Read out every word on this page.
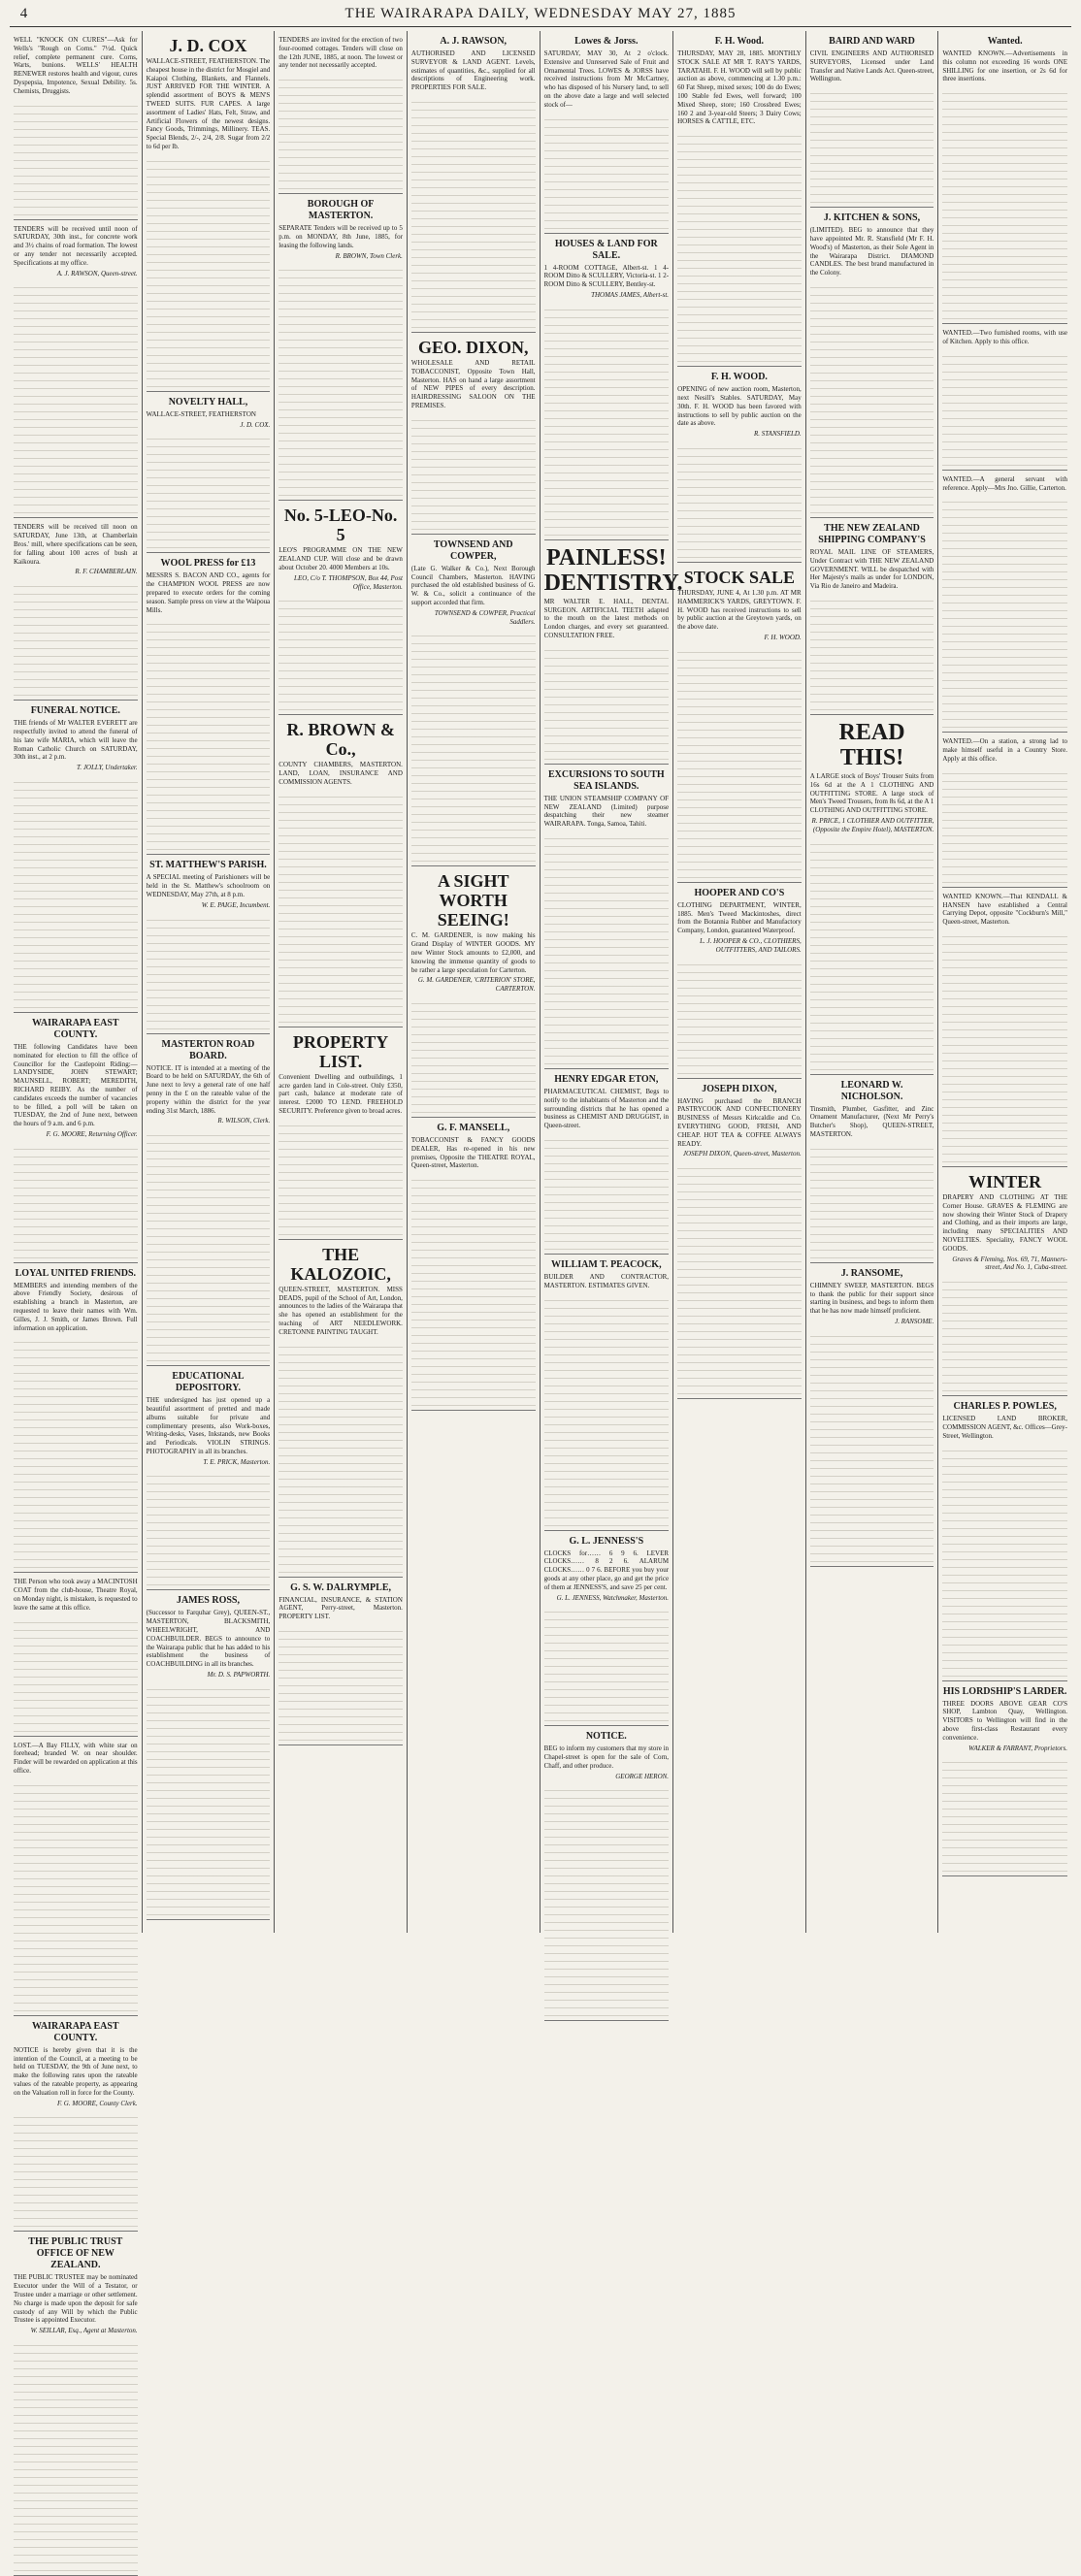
4	THE WAIRARAPA DAILY, WEDNESDAY MAY 27, 1885
WELL "KNOCK ON CURES"—Ask for Wells's "Rough on Corns." 7½d. Quick relief, complete permanent cure. Corns, Warts, bunions. WELLS' HEALTH RENEWER restores health and vigour, cures Dyspepsia, Impotence, Sexual Debility. 5s. Chemists, Druggists.
TENDERS will be received until noon of SATURDAY, 30th inst., for concrete work and 3½ chains of road formation. The lowest or any tender not necessarily accepted. Specifications at my office.
A. J. RAWSON, Queen-street.
TENDERS will be received till noon on SATURDAY, June 13th, at Chamberlain Bros.' mill, where specifications can be seen, for falling about 100 acres of bush at Kaikoura.
R. F. CHAMBERLAIN.
FUNERAL NOTICE.
THE friends of Mr WALTER EVERETT are respectfully invited to attend the funeral of his late wife MARIA, which will leave the Roman Catholic Church on SATURDAY, 30th inst., at 2 p.m.
T. JOLLY, Undertaker.
WAIRARAPA EAST COUNTY.
THE following Candidates have been nominated for election to fill the office of Councillor for the Castlepoint Riding:— LANDYSIDE, JOHN STEWART; MAUNSELL, ROBERT; MEREDITH, RICHARD REIBY. As the number of candidates exceeds the number of vacancies to be filled, a poll will be taken on TUESDAY, the 2nd of June next, between the hours of 9 a.m. and 6 p.m.
F. G. MOORE, Returning Officer.
LOYAL UNITED FRIENDS.
MEMBERS and intending members of the above Friendly Society, desirous of establishing a branch in Masterton, are requested to leave their names with Wm. Gilles, J. J. Smith, or James Brown. Full information on application.
THE Person who took away a MACINTOSH COAT from the club-house, Theatre Royal, on Monday night, is mistaken, is requested to leave the same at this office.
LOST.—A Bay FILLY, with white star on forehead; branded W. on near shoulder. Finder will be rewarded on application at this office.
WAIRARAPA EAST COUNTY.
NOTICE is hereby given that it is the intention of the Council, at a meeting to be held on TUESDAY, the 9th of June next, to make the following rates upon the rateable values of the rateable property, as appearing on the Valuation roll in force for the County.
F. G. MOORE, County Clerk.
THE PUBLIC TRUST OFFICE OF NEW ZEALAND.
THE PUBLIC TRUSTEE may be nominated Executor under the Will of a Testator, or Trustee under a marriage or other settlement. No charge is made upon the deposit for safe custody of any Will by which the Public Trustee is appointed Executor.
W. SEILLAR, Esq., Agent at Masterton.
J. D. COX
WALLACE-STREET, FEATHERSTON. The cheapest house in the district for Mosgiel and Kaiapoi Clothing, Blankets, and Flannels. JUST ARRIVED FOR THE WINTER. A splendid assortment of BOYS & MEN'S TWEED SUITS. FUR CAPES. A large assortment of Ladies' Hats, Felt, Straw, and Artificial Flowers of the newest designs. Fancy Goods, Trimmings, Millinery. TEAS. Special Blends, 2/-, 2/4, 2/8. Sugar from 2/2 to 6d per lb.
NOVELTY HALL,
WALLACE-STREET, FEATHERSTON
J. D. COX.
WOOL PRESS for £13
MESSRS S. BACON AND CO., agents for the CHAMPION WOOL PRESS are now prepared to execute orders for the coming season. Sample press on view at the Waipoua Mills.
ST. MATTHEW'S PARISH.
A SPECIAL meeting of Parishioners will be held in the St. Matthew's schoolroom on WEDNESDAY, May 27th, at 8 p.m.
W. E. PAIGE, Incumbent.
MASTERTON ROAD BOARD.
NOTICE. IT is intended at a meeting of the Board to be held on SATURDAY, the 6th of June next to levy a general rate of one half penny in the £ on the rateable value of the property within the district for the year ending 31st March, 1886.
R. WILSON, Clerk.
EDUCATIONAL DEPOSITORY.
THE undersigned has just opened up a beautiful assortment of pretted and made albums suitable for private and complimentary presents, also Work-boxes, Writing-desks, Vases, Inkstands, new Books and Periodicals. VIOLIN STRINGS. PHOTOGRAPHY in all its branches.
T. E. PRICK, Masterton.
JAMES ROSS,
(Successor to Farquhar Grey), QUEEN-ST., MASTERTON, BLACKSMITH, WHEELWRIGHT, AND COACHBUILDER. BEGS to announce to the Wairarapa public that he has added to his establishment the business of COACHBUILDING in all its branches.
Mr. D. S. PAPWORTH.
TENDERS are invited for the erection of two four-roomed cottages. Tenders will close on the 12th JUNE, 1885, at noon. The lowest or any tender not necessarily accepted.
BOROUGH OF MASTERTON.
SEPARATE Tenders will be received up to 5 p.m. on MONDAY, 8th June, 1885, for leasing the following lands.
R. BROWN, Town Clerk.
No. 5-LEO-No. 5
LEO'S PROGRAMME ON THE NEW ZEALAND CUP. Will close and be drawn about October 20. 4000 Members at 10s.
LEO, C/o T. THOMPSON, Box 44, Post Office, Masterton.
R. BROWN & Co.,
COUNTY CHAMBERS, MASTERTON. LAND, LOAN, INSURANCE AND COMMISSION AGENTS.
PROPERTY LIST.
Convenient Dwelling and outbuildings, 1 acre garden land in Cole-street. Only £350, part cash, balance at moderate rate of interest. £2000 TO LEND. FREEHOLD SECURITY. Preference given to broad acres.
THE KALOZOIC,
QUEEN-STREET, MASTERTON. MISS DEADS, pupil of the School of Art, London, announces to the ladies of the Wairarapa that she has opened an establishment for the teaching of ART NEEDLEWORK. CRETONNE PAINTING TAUGHT.
G. S. W. DALRYMPLE,
FINANCIAL, INSURANCE, & STATION AGENT, Perry-street, Masterton. PROPERTY LIST.
A. J. RAWSON,
AUTHORISED AND LICENSED SURVEYOR & LAND AGENT. Levels, estimates of quantities, &c., supplied for all descriptions of Engineering work. PROPERTIES FOR SALE.
GEO. DIXON,
WHOLESALE AND RETAIL TOBACCONIST, Opposite Town Hall, Masterton. HAS on hand a large assortment of NEW PIPES of every description. HAIRDRESSING SALOON ON THE PREMISES.
TOWNSEND AND COWPER,
(Late G. Walker & Co.), Next Borough Council Chambers, Masterton. HAVING purchased the old established business of G. W. & Co., solicit a continuance of the support accorded that firm.
TOWNSEND & COWPER, Practical Saddlers.
A SIGHT WORTH SEEING!
C. M. GARDENER, is now making his Grand Display of WINTER GOODS. MY new Winter Stock amounts to £2,000, and knowing the immense quantity of goods to be rather a large speculation for Carterton.
G. M. GARDENER, 'CRITERION' STORE, CARTERTON.
G. F. MANSELL,
TOBACCONIST & FANCY GOODS DEALER, Has re-opened in his new premises, Opposite the THEATRE ROYAL, Queen-street, Masterton.
Lowes & Jorss.
SATURDAY, MAY 30, At 2 o'clock. Extensive and Unreserved Sale of Fruit and Ornamental Trees. LOWES & JORSS have received instructions from Mr McCartney, who has disposed of his Nursery land, to sell on the above date a large and well selected stock of—
HOUSES & LAND FOR SALE.
1 4-ROOM COTTAGE, Albert-st. 1 4-ROOM Ditto & SCULLERY, Victoria-st. 1 2-ROOM Ditto & SCULLERY, Bentley-st.
THOMAS JAMES, Albert-st.
PAINLESS! DENTISTRY.
MR WALTER E. HALL, DENTAL SURGEON. ARTIFICIAL TEETH adapted to the mouth on the latest methods on London charges, and every set guaranteed. CONSULTATION FREE.
EXCURSIONS TO SOUTH SEA ISLANDS.
THE UNION STEAMSHIP COMPANY OF NEW ZEALAND (Limited) purpose despatching their new steamer WAIRARAPA. Tonga, Samoa, Tahiti.
HENRY EDGAR ETON,
PHARMACEUTICAL CHEMIST, Begs to notify to the inhabitants of Masterton and the surrounding districts that he has opened a business as CHEMIST AND DRUGGIST, in Queen-street.
WILLIAM T. PEACOCK,
BUILDER AND CONTRACTOR, MASTERTON. ESTIMATES GIVEN.
G. L. JENNESS'S
CLOCKS for…… 6 9 6. LEVER CLOCKS…… 8 2 6. ALARUM CLOCKS…… 0 7 6. BEFORE you buy your goods at any other place, go and get the price of them at JENNESS'S, and save 25 per cent.
G. L. JENNESS, Watchmaker, Masterton.
NOTICE.
BEG to inform my customers that my store in Chapel-street is open for the sale of Corn, Chaff, and other produce.
GEORGE HERON.
F. H. Wood.
THURSDAY, MAY 28, 1885. MONTHLY STOCK SALE AT MR T. RAY'S YARDS, TARATAHI. F. H. WOOD will sell by public auction as above, commencing at 1.30 p.m.: 60 Fat Sheep, mixed sexes; 100 do do Ewes; 100 Stable fed Ewes, well forward; 100 Mixed Sheep, store; 160 Crossbred Ewes; 160 2 and 3-year-old Steers; 3 Dairy Cows; HORSES & CATTLE, ETC.
F. H. WOOD.
OPENING of new auction room, Masterton, next Nesill's Stables. SATURDAY, May 30th. F. H. WOOD has been favored with instructions to sell by public auction on the date as above.
R. STANSFIELD.
STOCK SALE
THURSDAY, JUNE 4, At 1.30 p.m. AT MR HAMMERICK'S YARDS, GREYTOWN. F. H. WOOD has received instructions to sell by public auction at the Greytown yards, on the above date.
F. H. WOOD.
HOOPER AND CO'S
CLOTHING DEPARTMENT, WINTER, 1885. Men's Tweed Mackintoshes, direct from the Botannia Rubber and Manufactory Company, London, guaranteed Waterproof.
L. J. HOOPER & CO., CLOTHIERS, OUTFITTERS, AND TAILORS.
JOSEPH DIXON,
HAVING purchased the BRANCH PASTRYCOOK AND CONFECTIONERY BUSINESS of Messrs Kirkcaldie and Co. EVERYTHING GOOD, FRESH, AND CHEAP. HOT TEA & COFFEE ALWAYS READY.
JOSEPH DIXON, Queen-street, Masterton.
BAIRD AND WARD
CIVIL ENGINEERS AND AUTHORISED SURVEYORS, Licensed under Land Transfer and Native Lands Act. Queen-street, Wellington.
J. KITCHEN & SONS,
(LIMITED). BEG to announce that they have appointed Mr. R. Stansfield (Mr F. H. Wood's) of Masterton, as their Sole Agent in the Wairarapa District. DIAMOND CANDLES. The best brand manufactured in the Colony.
THE NEW ZEALAND SHIPPING COMPANY'S
ROYAL MAIL LINE OF STEAMERS, Under Contract with THE NEW ZEALAND GOVERNMENT. WILL be despatched with Her Majesty's mails as under for LONDON, Via Rio de Janeiro and Madeira.
READ THIS!
A LARGE stock of Boys' Trouser Suits from 16s 6d at the A 1 CLOTHING AND OUTFITTING STORE. A large stock of Men's Tweed Trousers, from 8s 6d, at the A 1 CLOTHING AND OUTFITTING STORE.
R. PRICE, 1 CLOTHIER AND OUTFITTER, (Opposite the Empire Hotel), MASTERTON.
LEONARD W. NICHOLSON.
Tinsmith, Plumber, Gasfitter, and Zinc Ornament Manufacturer, (Next Mr Perry's Butcher's Shop), QUEEN-STREET, MASTERTON.
J. RANSOME,
CHIMNEY SWEEP, MASTERTON. BEGS to thank the public for their support since starting in business, and begs to inform them that he has now made himself proficient.
J. RANSOME.
Wanted.
WANTED KNOWN.—Advertisements in this column not exceeding 16 words ONE SHILLING for one insertion, or 2s 6d for three insertions.
WANTED.—Two furnished rooms, with use of Kitchen. Apply to this office.
WANTED.—A general servant with reference. Apply—Mrs Jno. Gillie, Carterton.
WANTED.—On a station, a strong lad to make himself useful in a Country Store. Apply at this office.
WANTED KNOWN.—That KENDALL & HANSEN have established a Central Carrying Depot, opposite "Cockburn's Mill," Queen-street, Masterton.
WINTER
DRAPERY AND CLOTHING AT THE Corner House. GRAVES & FLEMING are now showing their Winter Stock of Drapery and Clothing, and as their imports are large, including many SPECIALITIES AND NOVELTIES. Speciality, FANCY WOOL GOODS.
Graves & Fleming, Nos. 69, 71, Manners-street, And No. 1, Cuba-street.
CHARLES P. POWLES,
LICENSED LAND BROKER, COMMISSION AGENT, &c. Offices—Grey-Street, Wellington.
HIS LORDSHIP'S LARDER.
THREE DOORS ABOVE GEAR CO'S SHOP, Lambton Quay, Wellington. VISITORS to Wellington will find in the above first-class Restaurant every convenience.
WALKER & FARRANT, Proprietors.
